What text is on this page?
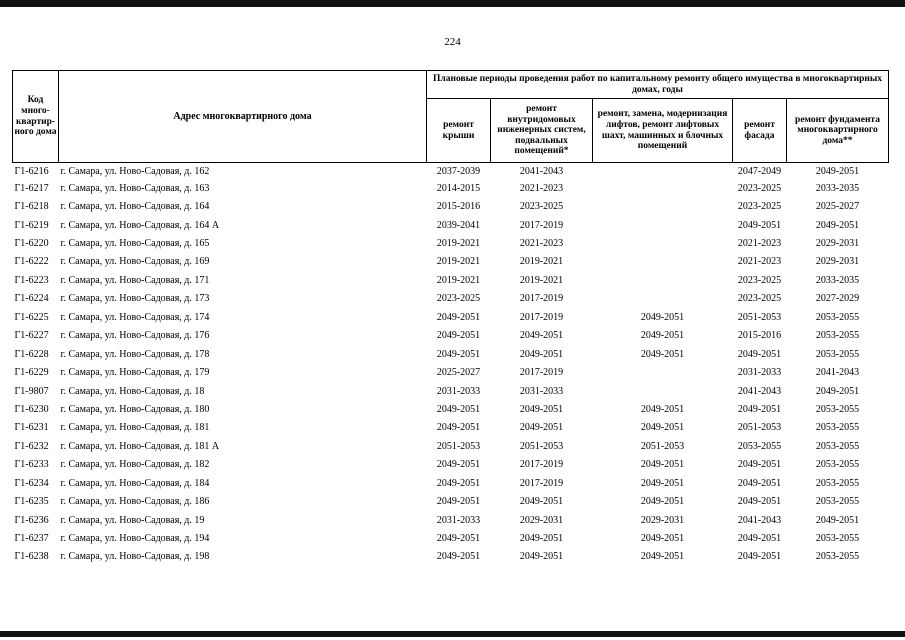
224
Код много-квартир-ного дома	Адрес многоквартирного дома	Плановые периоды проведения работ по капитальному ремонту общего имущества в многоквартирных домах, годы				
		ремонт крыши	ремонт внутридомовых инженерных систем, подвальных помещений*	ремонт, замена, модернизация лифтов, ремонт лифтовых шахт, машинных и блочных помещений	ремонт фасада	ремонт фундамента многоквартирного дома**
Г1-6216	г. Самара, ул. Ново-Садовая, д. 162	2037-2039	2041-2043		2047-2049	2049-2051
Г1-6217	г. Самара, ул. Ново-Садовая, д. 163	2014-2015	2021-2023		2023-2025	2033-2035
Г1-6218	г. Самара, ул. Ново-Садовая, д. 164	2015-2016	2023-2025		2023-2025	2025-2027
Г1-6219	г. Самара, ул. Ново-Садовая, д. 164 А	2039-2041	2017-2019		2049-2051	2049-2051
Г1-6220	г. Самара, ул. Ново-Садовая, д. 165	2019-2021	2021-2023		2021-2023	2029-2031
Г1-6222	г. Самара, ул. Ново-Садовая, д. 169	2019-2021	2019-2021		2021-2023	2029-2031
Г1-6223	г. Самара, ул. Ново-Садовая, д. 171	2019-2021	2019-2021		2023-2025	2033-2035
Г1-6224	г. Самара, ул. Ново-Садовая, д. 173	2023-2025	2017-2019		2023-2025	2027-2029
Г1-6225	г. Самара, ул. Ново-Садовая, д. 174	2049-2051	2017-2019	2049-2051	2051-2053	2053-2055
Г1-6227	г. Самара, ул. Ново-Садовая, д. 176	2049-2051	2049-2051	2049-2051	2015-2016	2053-2055
Г1-6228	г. Самара, ул. Ново-Садовая, д. 178	2049-2051	2049-2051	2049-2051	2049-2051	2053-2055
Г1-6229	г. Самара, ул. Ново-Садовая, д. 179	2025-2027	2017-2019		2031-2033	2041-2043
Г1-9807	г. Самара, ул. Ново-Садовая, д. 18	2031-2033	2031-2033		2041-2043	2049-2051
Г1-6230	г. Самара, ул. Ново-Садовая, д. 180	2049-2051	2049-2051	2049-2051	2049-2051	2053-2055
Г1-6231	г. Самара, ул. Ново-Садовая, д. 181	2049-2051	2049-2051	2049-2051	2051-2053	2053-2055
Г1-6232	г. Самара, ул. Ново-Садовая, д. 181 А	2051-2053	2051-2053	2051-2053	2053-2055	2053-2055
Г1-6233	г. Самара, ул. Ново-Садовая, д. 182	2049-2051	2017-2019	2049-2051	2049-2051	2053-2055
Г1-6234	г. Самара, ул. Ново-Садовая, д. 184	2049-2051	2017-2019	2049-2051	2049-2051	2053-2055
Г1-6235	г. Самара, ул. Ново-Садовая, д. 186	2049-2051	2049-2051	2049-2051	2049-2051	2053-2055
Г1-6236	г. Самара, ул. Ново-Садовая, д. 19	2031-2033	2029-2031	2029-2031	2041-2043	2049-2051
Г1-6237	г. Самара, ул. Ново-Садовая, д. 194	2049-2051	2049-2051	2049-2051	2049-2051	2053-2055
Г1-6238	г. Самара, ул. Ново-Садовая, д. 198	2049-2051	2049-2051	2049-2051	2049-2051	2053-2055
